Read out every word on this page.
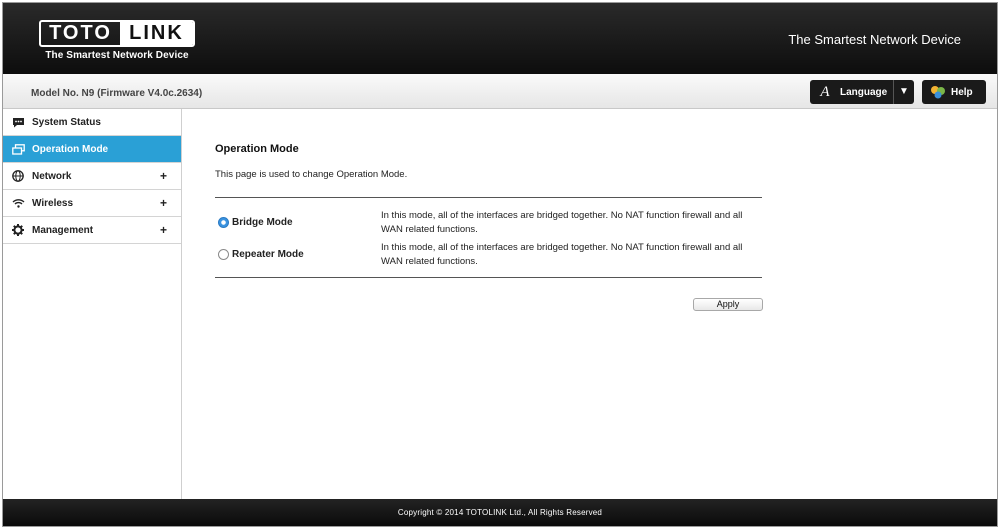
TOTO LINK
The Smartest Network Device
The Smartest Network Device
Model No. N9 (Firmware V4.0c.2634)	A	Language	▼	Help
System Status
Operation Mode
Network	+
Wireless	+
Management	+
Operation Mode
This page is used to change Operation Mode.
Bridge Mode
In this mode, all of the interfaces are bridged together. No NAT function firewall and all WAN related functions.
Repeater Mode
In this mode, all of the interfaces are bridged together. No NAT function firewall and all WAN related functions.
Apply
Copyright © 2014 TOTOLINK Ltd., All Rights Reserved
